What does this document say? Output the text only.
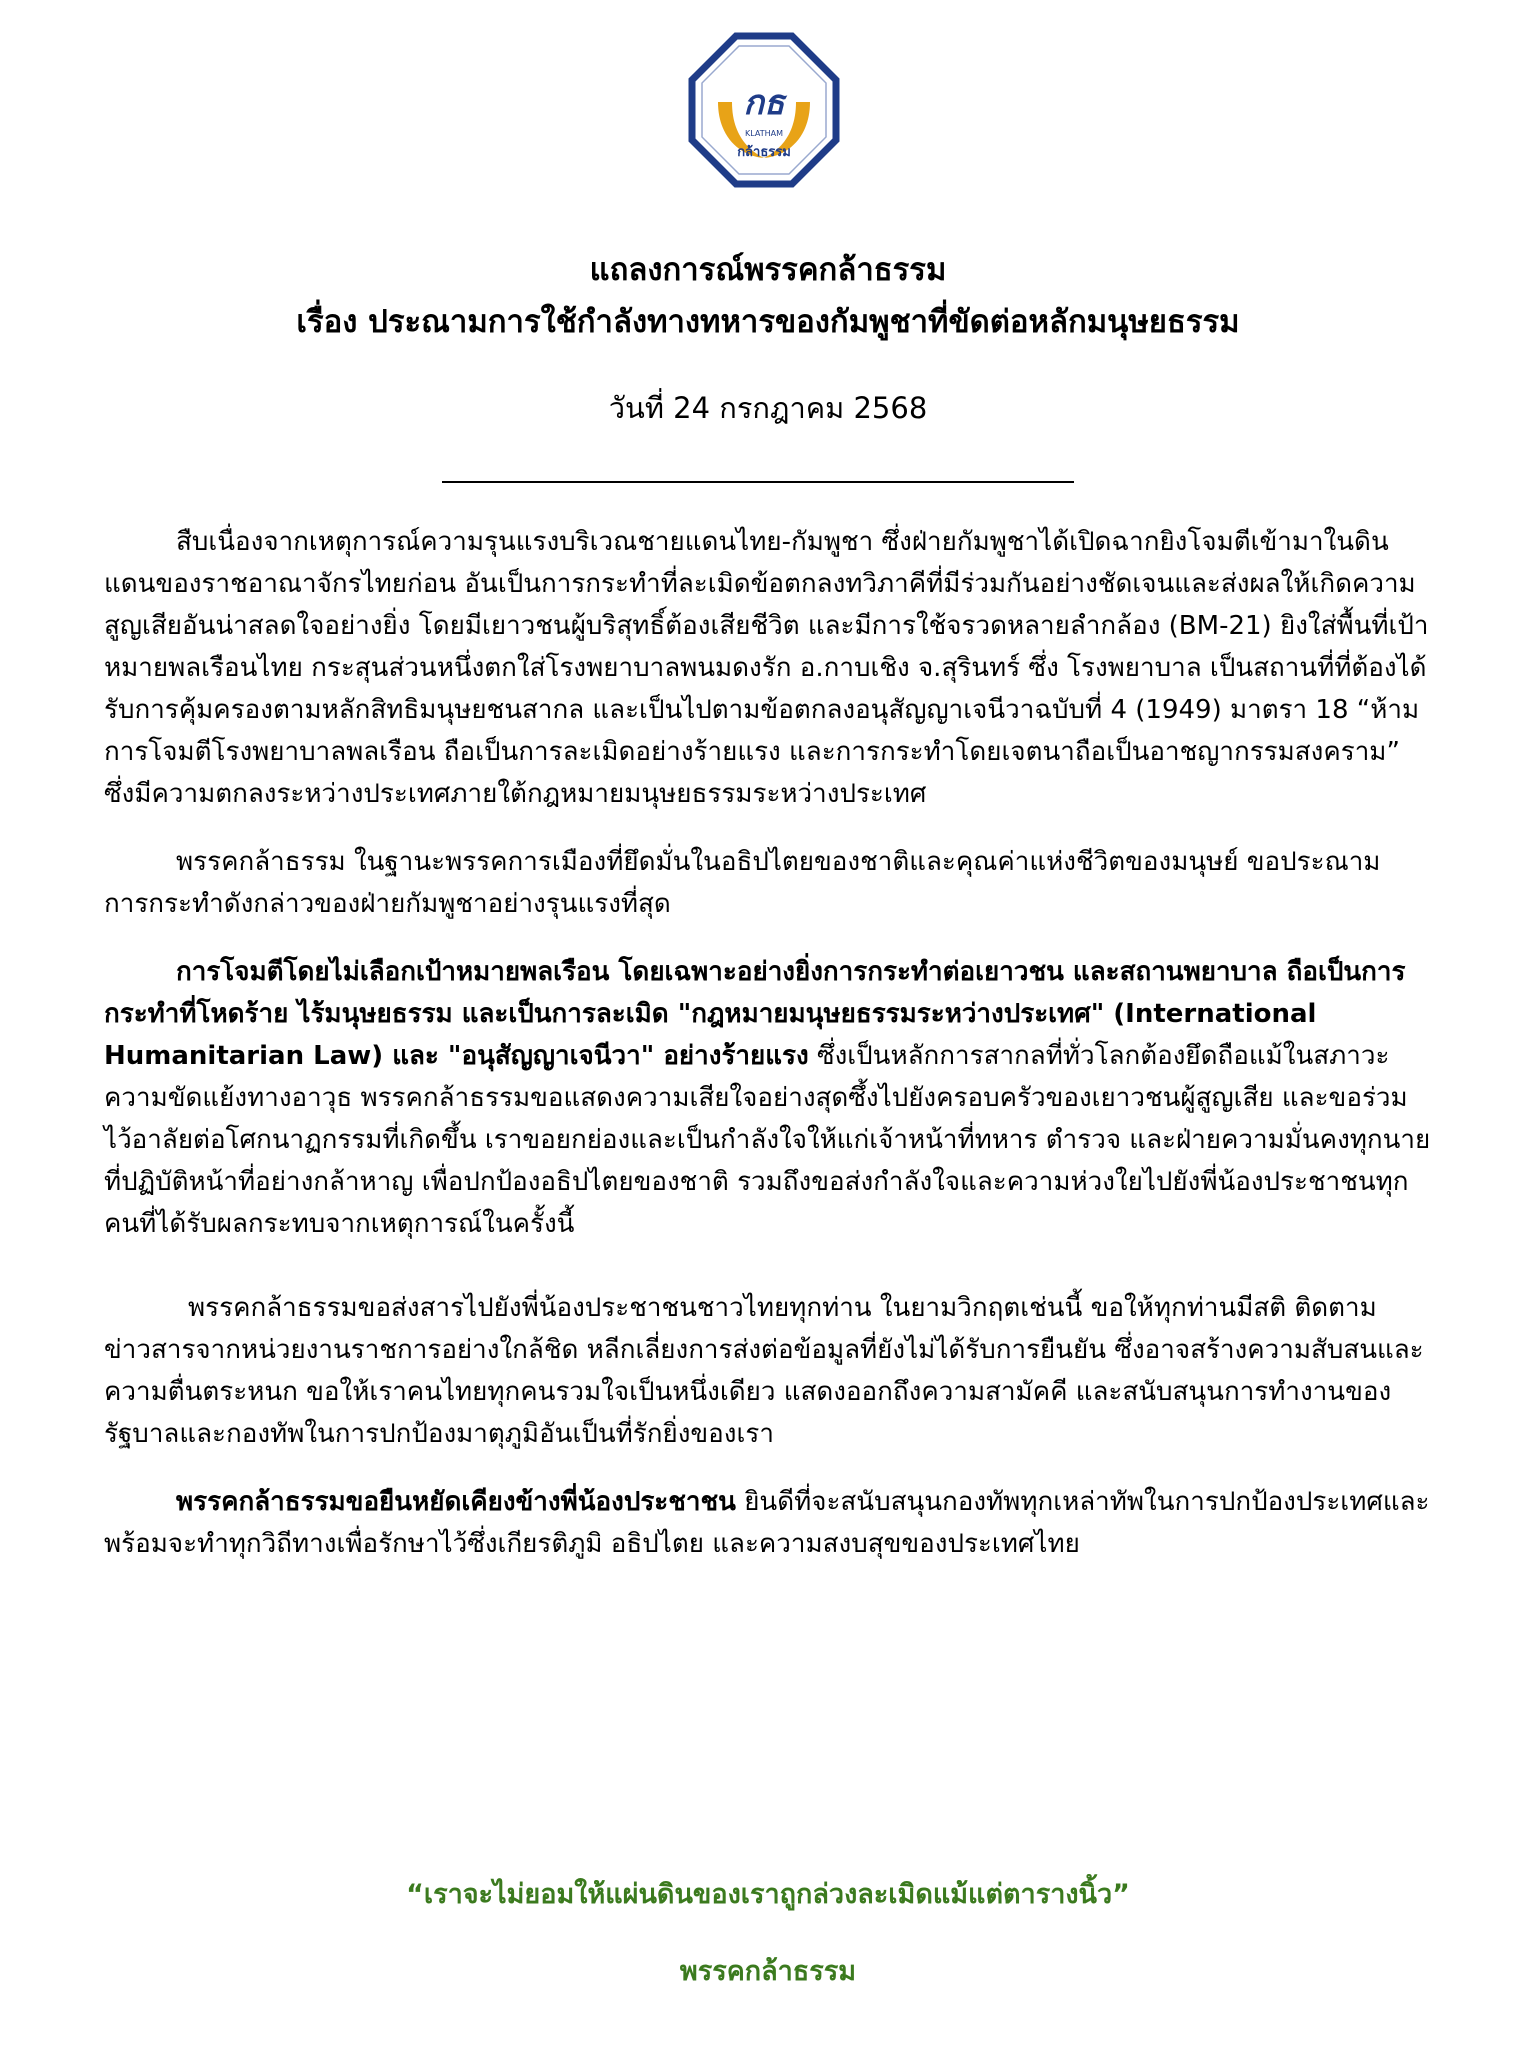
กธ
KLATHAM
กล้าธรรม

แถลงการณ์พรรคกล้าธรรม

เรื่อง ประณามการใช้กำลังทางทหารของกัมพูชาที่ขัดต่อหลักมนุษยธรรม

วันที่ 24 กรกฎาคม 2568

สืบเนื่องจากเหตุการณ์ความรุนแรงบริเวณชายแดนไทย-กัมพูชา ซึ่งฝ่ายกัมพูชาได้เปิดฉากยิงโจมตีเข้ามาในดินแดนของราชอาณาจักรไทยก่อน อันเป็นการกระทำที่ละเมิดข้อตกลงทวิภาคีที่มีร่วมกันอย่างชัดเจนและส่งผลให้เกิดความสูญเสียอันน่าสลดใจอย่างยิ่ง โดยมีเยาวชนผู้บริสุทธิ์ต้องเสียชีวิต และมีการใช้จรวดหลายลำกล้อง (BM-21) ยิงใส่พื้นที่เป้าหมายพลเรือนไทย กระสุนส่วนหนึ่งตกใส่โรงพยาบาลพนมดงรัก อ.กาบเชิง จ.สุรินทร์ ซึ่ง โรงพยาบาล เป็นสถานที่ที่ต้องได้รับการคุ้มครองตามหลักสิทธิมนุษยชนสากล และเป็นไปตามข้อตกลงอนุสัญญาเจนีวาฉบับที่ 4 (1949) มาตรา 18 “ห้ามการโจมตีโรงพยาบาลพลเรือน ถือเป็นการละเมิดอย่างร้ายแรง และการกระทำโดยเจตนาถือเป็นอาชญากรรมสงคราม” ซึ่งมีความตกลงระหว่างประเทศภายใต้กฎหมายมนุษยธรรมระหว่างประเทศ

พรรคกล้าธรรม ในฐานะพรรคการเมืองที่ยึดมั่นในอธิปไตยของชาติและคุณค่าแห่งชีวิตของมนุษย์ ขอประณามการกระทำดังกล่าวของฝ่ายกัมพูชาอย่างรุนแรงที่สุด

การโจมตีโดยไม่เลือกเป้าหมายพลเรือน โดยเฉพาะอย่างยิ่งการกระทำต่อเยาวชน และสถานพยาบาล ถือเป็นการกระทำที่โหดร้าย ไร้มนุษยธรรม และเป็นการละเมิด "กฎหมายมนุษยธรรมระหว่างประเทศ" (International Humanitarian Law) และ "อนุสัญญาเจนีวา" อย่างร้ายแรง ซึ่งเป็นหลักการสากลที่ทั่วโลกต้องยึดถือแม้ในสภาวะความขัดแย้งทางอาวุธ พรรคกล้าธรรมขอแสดงความเสียใจอย่างสุดซึ้งไปยังครอบครัวของเยาวชนผู้สูญเสีย และขอร่วมไว้อาลัยต่อโศกนาฏกรรมที่เกิดขึ้น เราขอยกย่องและเป็นกำลังใจให้แก่เจ้าหน้าที่ทหาร ตำรวจ และฝ่ายความมั่นคงทุกนายที่ปฏิบัติหน้าที่อย่างกล้าหาญ เพื่อปกป้องอธิปไตยของชาติ รวมถึงขอส่งกำลังใจและความห่วงใยไปยังพี่น้องประชาชนทุกคนที่ได้รับผลกระทบจากเหตุการณ์ในครั้งนี้

พรรคกล้าธรรมขอส่งสารไปยังพี่น้องประชาชนชาวไทยทุกท่าน ในยามวิกฤตเช่นนี้ ขอให้ทุกท่านมีสติ ติดตามข่าวสารจากหน่วยงานราชการอย่างใกล้ชิด หลีกเลี่ยงการส่งต่อข้อมูลที่ยังไม่ได้รับการยืนยัน ซึ่งอาจสร้างความสับสนและความตื่นตระหนก ขอให้เราคนไทยทุกคนรวมใจเป็นหนึ่งเดียว แสดงออกถึงความสามัคคี และสนับสนุนการทำงานของรัฐบาลและกองทัพในการปกป้องมาตุภูมิอันเป็นที่รักยิ่งของเรา

พรรคกล้าธรรมขอยืนหยัดเคียงข้างพี่น้องประชาชน ยินดีที่จะสนับสนุนกองทัพทุกเหล่าทัพในการปกป้องประเทศและพร้อมจะทำทุกวิถีทางเพื่อรักษาไว้ซึ่งเกียรติภูมิ อธิปไตย และความสงบสุขของประเทศไทย

“เราจะไม่ยอมให้แผ่นดินของเราถูกล่วงละเมิดแม้แต่ตารางนิ้ว”

พรรคกล้าธรรม
